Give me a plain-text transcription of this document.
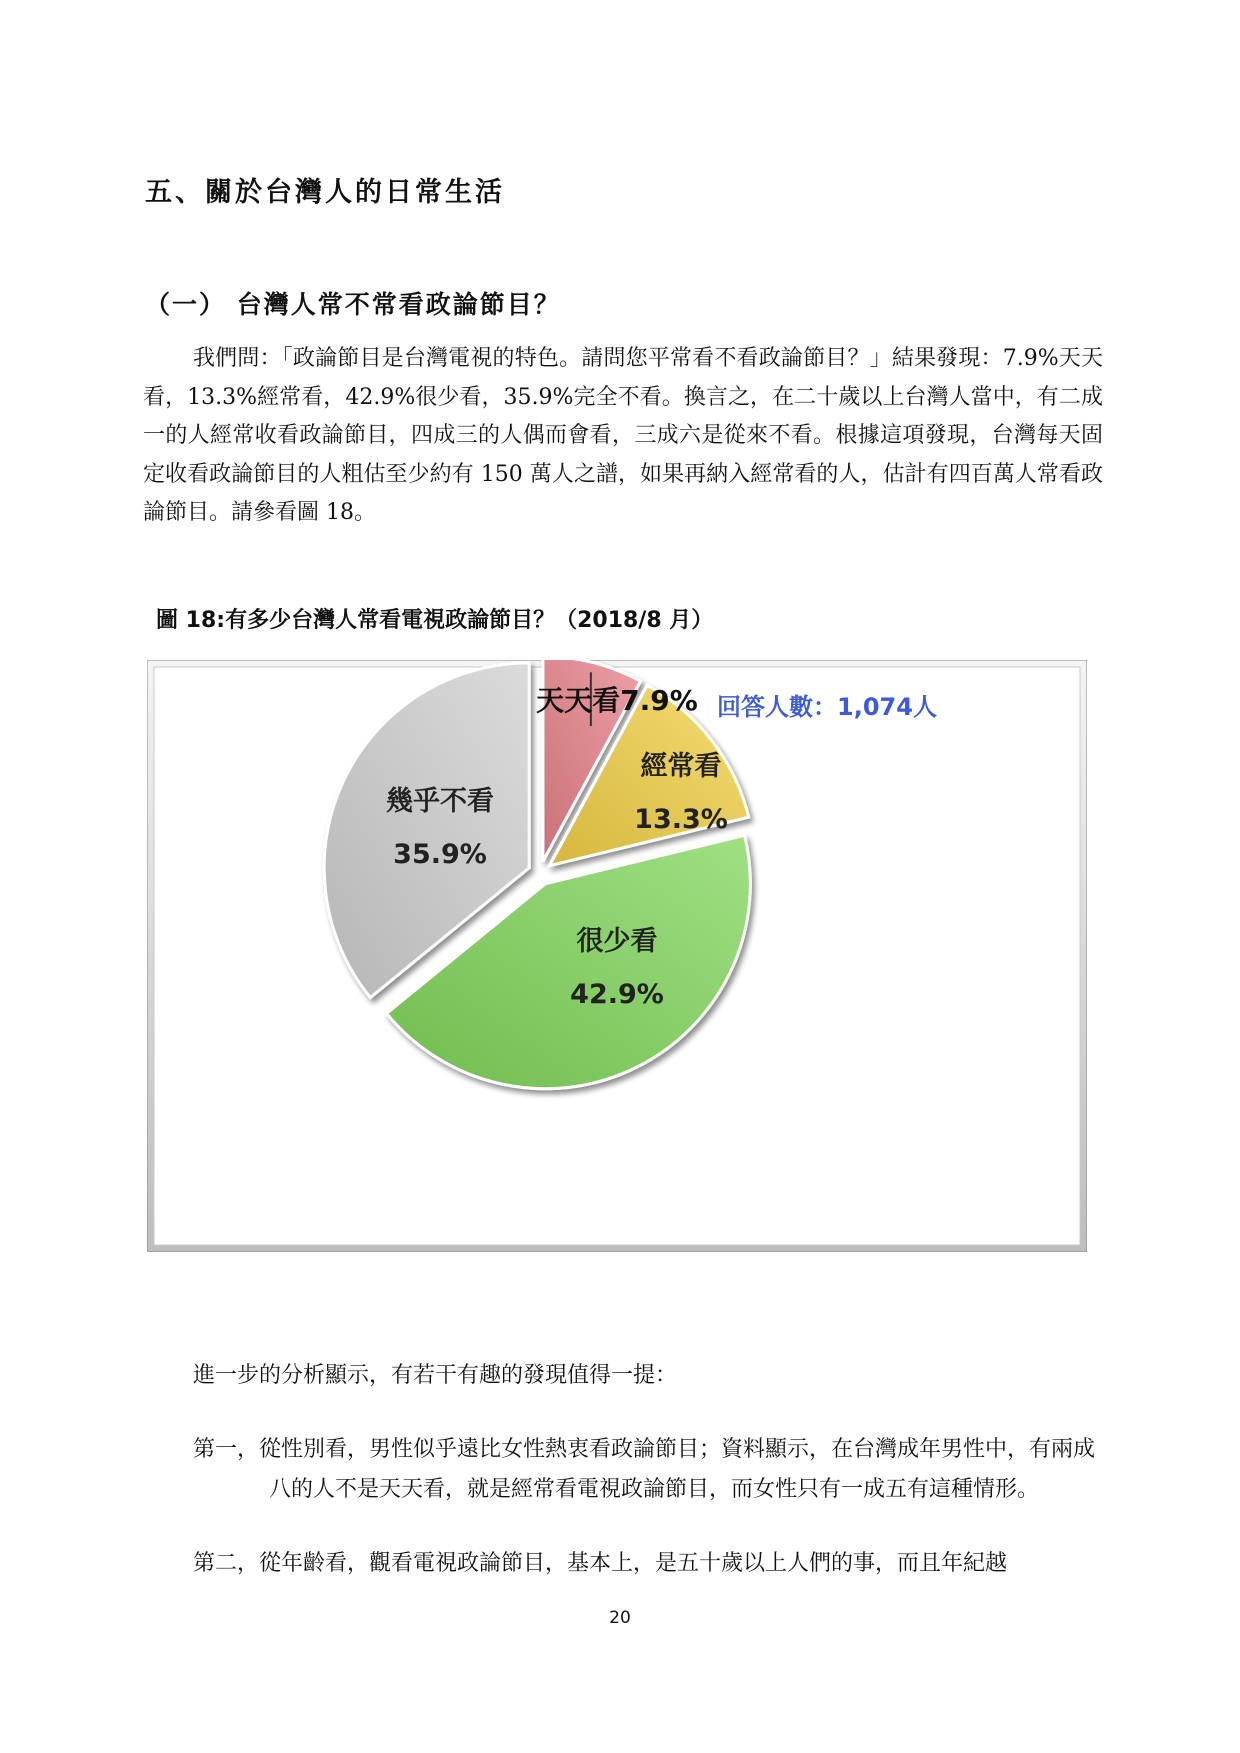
五、關於台灣人的日常生活
（一） 台灣人常不常看政論節目？
我們問：「政論節目是台灣電視的特色。請問您平常看不看政論節目？」結果發現：7.9%天天看，13.3%經常看，42.9%很少看，35.9%完全不看。換言之，在二十歲以上台灣人當中，有二成一的人經常收看政論節目，四成三的人偶而會看，三成六是從來不看。根據這項發現，台灣每天固定收看政論節目的人粗估至少約有 150 萬人之譜，如果再納入經常看的人，估計有四百萬人常看政論節目。請參看圖 18。
圖 18:有多少台灣人常看電視政論節目？（2018/8 月）
天天看7.9%
經常看
13.3%
很少看
42.9%
幾乎不看
35.9%
回答人數：1,074人
進一步的分析顯示，有若干有趣的發現值得一提：
第一，從性別看，男性似乎遠比女性熱衷看政論節目；資料顯示，在台灣成年男性中，有兩成八的人不是天天看，就是經常看電視政論節目，而女性只有一成五有這種情形。
第二，從年齡看，觀看電視政論節目，基本上，是五十歲以上人們的事，而且年紀越
20
